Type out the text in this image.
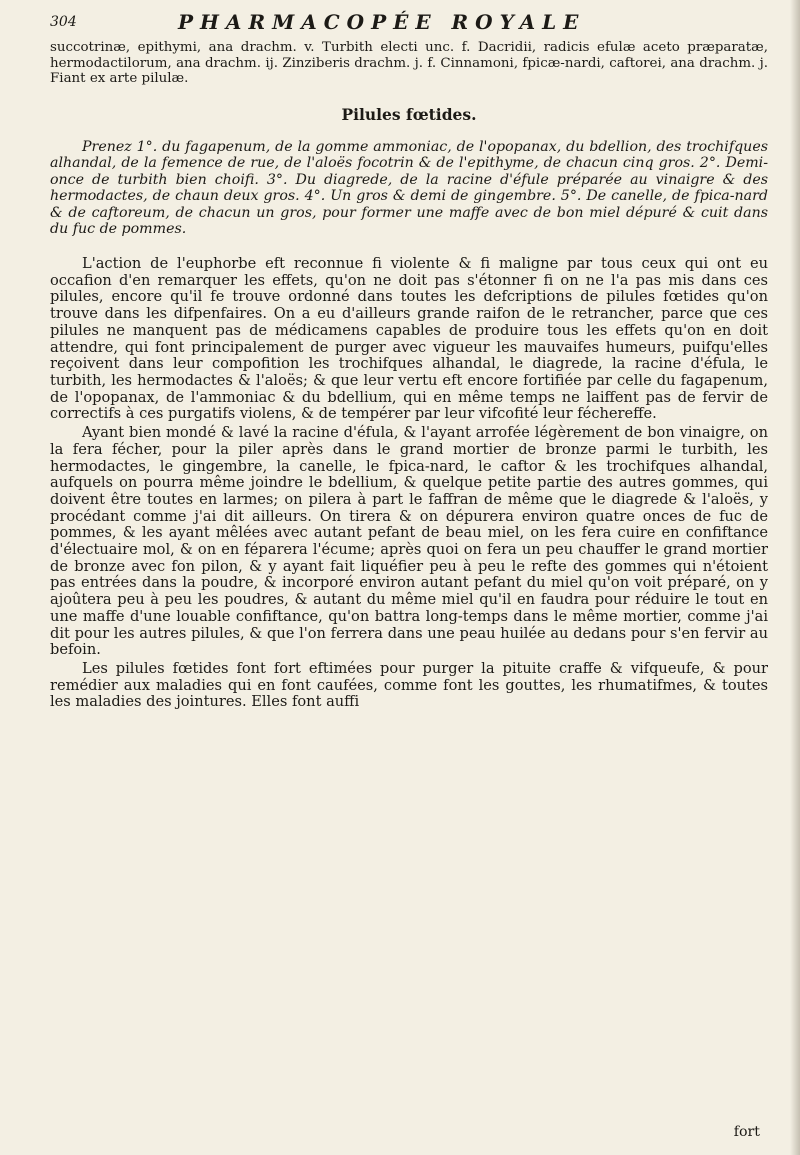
304	PHARMACOPÉE ROYALE

succotrinæ, epithymi, ana drachm. v. Turbith electi unc. f. Dacridii, radicis efulæ aceto præparatæ, hermodactilorum, ana drachm. ij. Zinziberis drachm. j. f. Cinnamoni, fpicæ-nardi, caftorei, ana drachm. j. Fiant ex arte pilulæ.

Pilules fœtides.

Prenez 1°. du fagapenum, de la gomme ammoniac, de l'opopanax, du bdellion, des trochifques alhandal, de la femence de rue, de l'aloës focotrin & de l'epithyme, de chacun cinq gros. 2°. Demi-once de turbith bien choifi. 3°. Du diagrede, de la racine d'éfule préparée au vinaigre & des hermodactes, de chaun deux gros. 4°. Un gros & demi de gingembre. 5°. De canelle, de fpica-nard & de caftoreum, de chacun un gros, pour former une maffe avec de bon miel dépuré & cuit dans du fuc de pommes.

L'action de l'euphorbe eft reconnue fi violente & fi maligne par tous ceux qui ont eu occafion d'en remarquer les effets, qu'on ne doit pas s'étonner fi on ne l'a pas mis dans ces pilules, encore qu'il fe trouve ordonné dans toutes les defcriptions de pilules fœtides qu'on trouve dans les difpenfaires. On a eu d'ailleurs grande raifon de le retrancher, parce que ces pilules ne manquent pas de médicamens capables de produire tous les effets qu'on en doit attendre, qui font principalement de purger avec vigueur les mauvaifes humeurs, puifqu'elles reçoivent dans leur compofition les trochifques alhandal, le diagrede, la racine d'éfula, le turbith, les hermodactes & l'aloës; & que leur vertu eft encore fortifiée par celle du fagapenum, de l'opopanax, de l'ammoniac & du bdellium, qui en même temps ne laiffent pas de fervir de correctifs à ces purgatifs violens, & de tempérer par leur vifcofité leur féchereffe.

Ayant bien mondé & lavé la racine d'éfula, & l'ayant arrofée légèrement de bon vinaigre, on la fera fécher, pour la piler après dans le grand mortier de bronze parmi le turbith, les hermodactes, le gingembre, la canelle, le fpica-nard, le caftor & les trochifques alhandal, aufquels on pourra même joindre le bdellium, & quelque petite partie des autres gommes, qui doivent être toutes en larmes; on pilera à part le faffran de même que le diagrede & l'aloës, y procédant comme j'ai dit ailleurs. On tirera & on dépurera environ quatre onces de fuc de pommes, & les ayant mêlées avec autant pefant de beau miel, on les fera cuire en confiftance d'électuaire mol, & on en féparera l'écume; après quoi on fera un peu chauffer le grand mortier de bronze avec fon pilon, & y ayant fait liquéfier peu à peu le refte des gommes qui n'étoient pas entrées dans la poudre, & incorporé environ autant pefant du miel qu'on voit préparé, on y ajoûtera peu à peu les poudres, & autant du même miel qu'il en faudra pour réduire le tout en une maffe d'une louable confiftance, qu'on battra long-temps dans le même mortier, comme j'ai dit pour les autres pilules, & que l'on ferrera dans une peau huilée au dedans pour s'en fervir au befoin.

Les pilules fœtides font fort eftimées pour purger la pituite craffe & vifqueufe, & pour remédier aux maladies qui en font caufées, comme font les gouttes, les rhumatifmes, & toutes les maladies des jointures. Elles font auffi

fort
